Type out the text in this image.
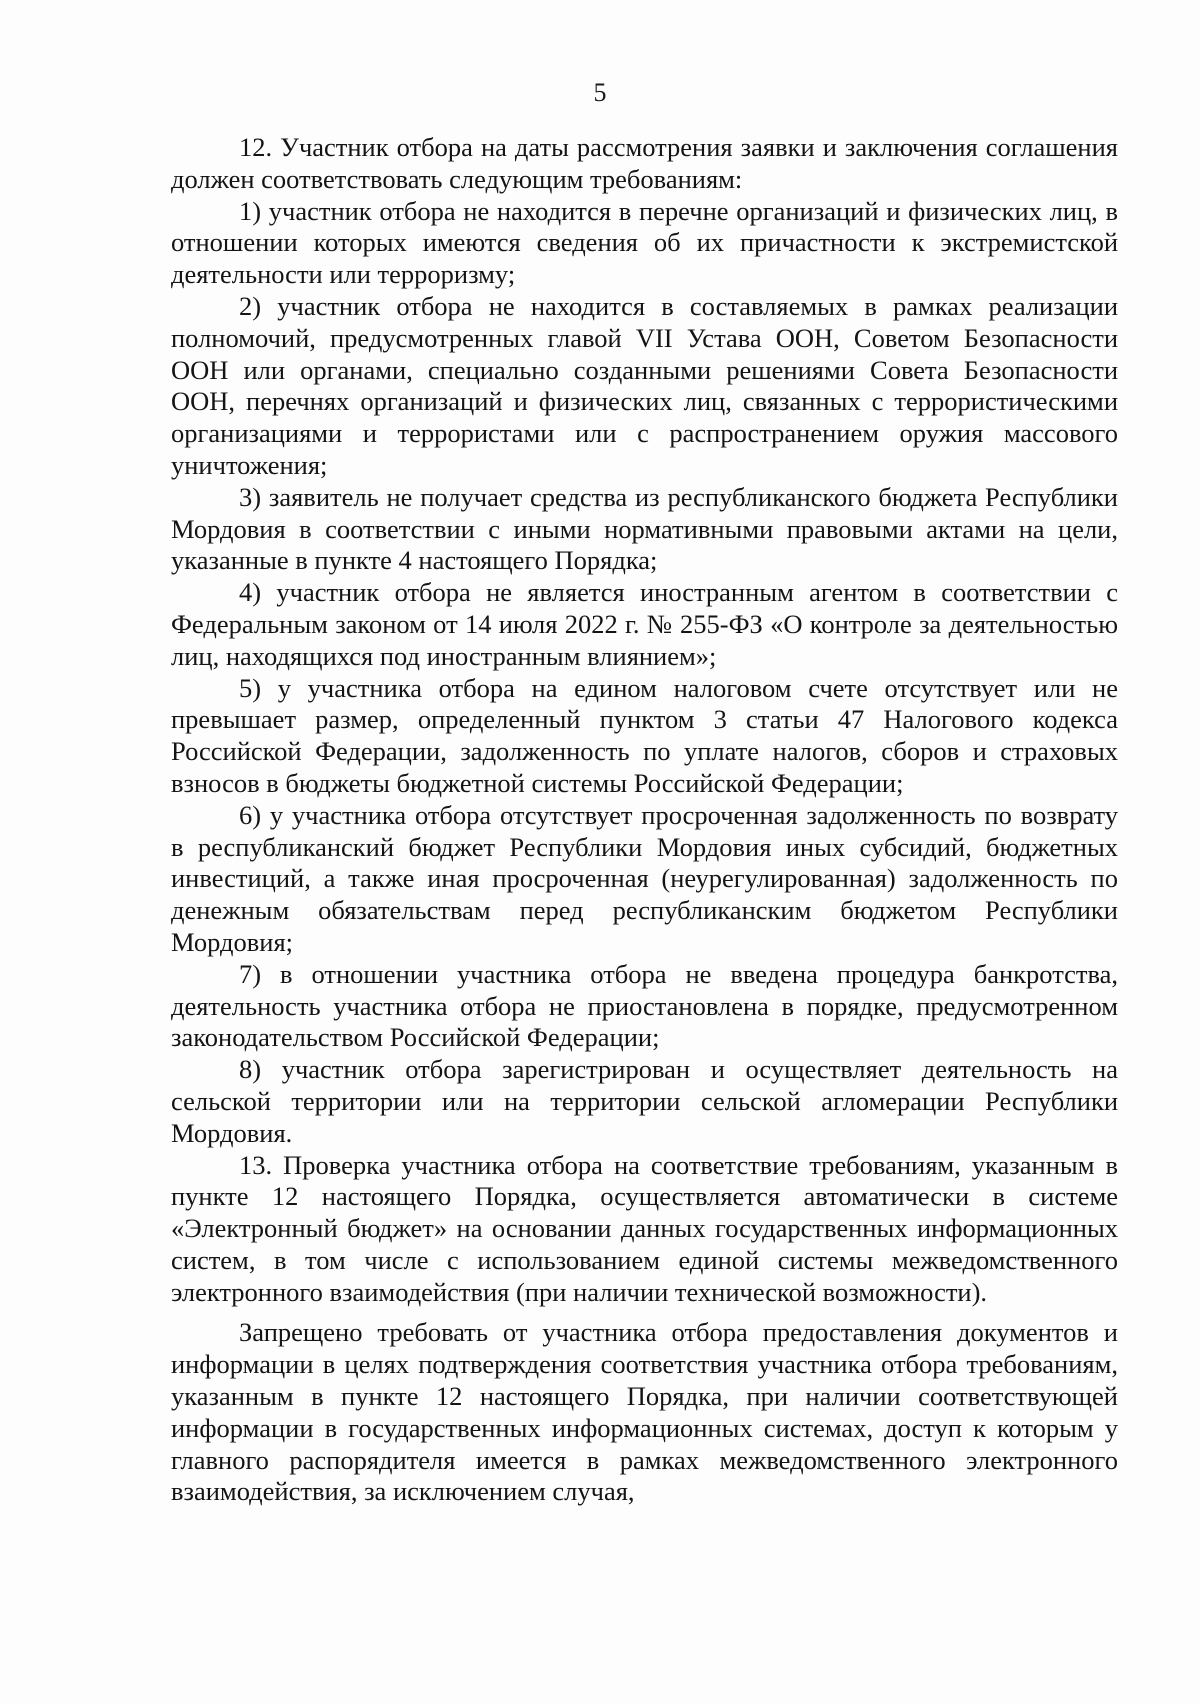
5

12. Участник отбора на даты рассмотрения заявки и заключения соглашения должен соответствовать следующим требованиям:

1) участник отбора не находится в перечне организаций и физических лиц, в отношении которых имеются сведения об их причастности к экстремистской деятельности или терроризму;

2) участник отбора не находится в составляемых в рамках реализации полномочий, предусмотренных главой VII Устава ООН, Советом Безопасности ООН или органами, специально созданными решениями Совета Безопасности ООН, перечнях организаций и физических лиц, связанных с террористическими организациями и террористами или с распространением оружия массового уничтожения;

3) заявитель не получает средства из республиканского бюджета Республики Мордовия в соответствии с иными нормативными правовыми актами на цели, указанные в пункте 4 настоящего Порядка;

4) участник отбора не является иностранным агентом в соответствии с Федеральным законом от 14 июля 2022 г. № 255-ФЗ «О контроле за деятельностью лиц, находящихся под иностранным влиянием»;

5) у участника отбора на едином налоговом счете отсутствует или не превышает размер, определенный пунктом 3 статьи 47 Налогового кодекса Российской Федерации, задолженность по уплате налогов, сборов и страховых взносов в бюджеты бюджетной системы Российской Федерации;

6) у участника отбора отсутствует просроченная задолженность по возврату в республиканский бюджет Республики Мордовия иных субсидий, бюджетных инвестиций, а также иная просроченная (неурегулированная) задолженность по денежным обязательствам перед республиканским бюджетом Республики Мордовия;

7) в отношении участника отбора не введена процедура банкротства, деятельность участника отбора не приостановлена в порядке, предусмотренном законодательством Российской Федерации;

8) участник отбора зарегистрирован и осуществляет деятельность на сельской территории или на территории сельской агломерации Республики Мордовия.

13. Проверка участника отбора на соответствие требованиям, указанным в пункте 12 настоящего Порядка, осуществляется автоматически в системе «Электронный бюджет» на основании данных государственных информационных систем, в том числе с использованием единой системы межведомственного электронного взаимодействия (при наличии технической возможности).

Запрещено требовать от участника отбора предоставления документов и информации в целях подтверждения соответствия участника отбора требованиям, указанным в пункте 12 настоящего Порядка, при наличии соответствующей информации в государственных информационных системах, доступ к которым у главного распорядителя имеется в рамках межведомственного электронного взаимодействия, за исключением случая,
